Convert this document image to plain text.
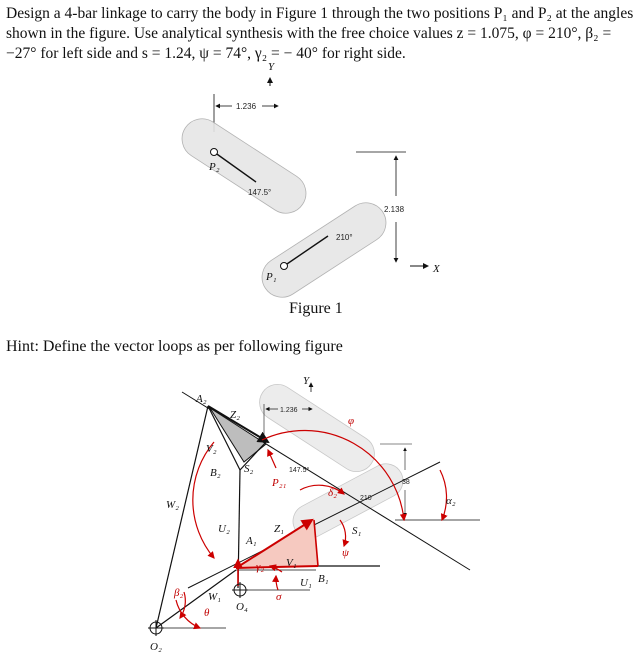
Design a 4-bar linkage to carry the body in Figure 1 through the two positions P₁ and P₂ at the angles shown in the figure. Use analytical synthesis with the free choice values z = 1.075, φ = 210°, β₂ = −27° for left side and s = 1.24, ψ = 74°, γ₂ = − 40° for right side.
Y
1.236
P₂
147.5°
P₁
210°
2.138
X
Y
1.236
38
147.5°
210
A₂
Z₂
V₂
B₂ S₂
W₂
U₂
A₁
Z₁
V₁
U₁ B₁
W₁
O₂
O₄
S₁
P₂₁
β₂
γ₂
θ
σ
ψ
φ
δ₂
α₂
Figure 1
Hint: Define the vector loops as per following figure
